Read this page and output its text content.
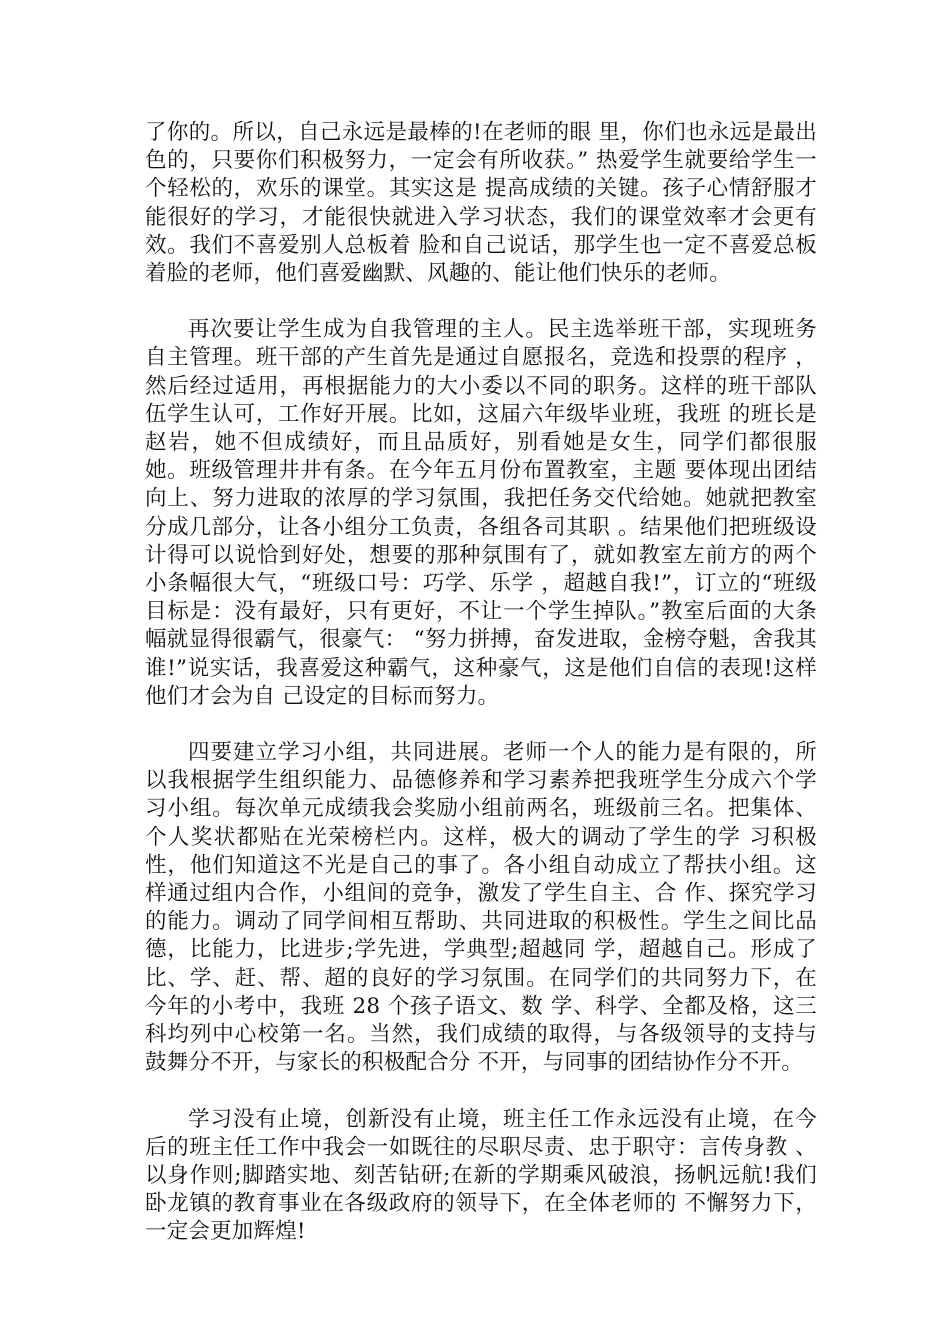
了你的。所以，自己永远是最棒的!在老师的眼 里，你们也永远是最出色的，只要你们积极努力，一定会有所收获。” 热爱学生就要给学生一个轻松的，欢乐的课堂。其实这是 提高成绩的关键。孩子心情舒服才能很好的学习，才能很快就进入学习状态，我们的课堂效率才会更有效。我们不喜爱别人总板着 脸和自己说话，那学生也一定不喜爱总板着脸的老师，他们喜爱幽默、风趣的、能让他们快乐的老师。

再次要让学生成为自我管理的主人。民主选举班干部，实现班务自主管理。班干部的产生首先是通过自愿报名，竞选和投票的程序 ，然后经过适用，再根据能力的大小委以不同的职务。这样的班干部队伍学生认可，工作好开展。比如，这届六年级毕业班，我班 的班长是赵岩，她不但成绩好，而且品质好，别看她是女生，同学们都很服她。班级管理井井有条。在今年五月份布置教室，主题 要体现出团结向上、努力进取的浓厚的学习氛围，我把任务交代给她。她就把教室分成几部分，让各小组分工负责，各组各司其职 。结果他们把班级设计得可以说恰到好处，想要的那种氛围有了，就如教室左前方的两个小条幅很大气，“班级口号：巧学、乐学 ，超越自我!”，订立的“班级目标是：没有最好，只有更好，不让一个学生掉队。”教室后面的大条幅就显得很霸气，很豪气： “努力拼搏，奋发进取，金榜夺魁，舍我其谁!”说实话，我喜爱这种霸气，这种豪气，这是他们自信的表现!这样他们才会为自 己设定的目标而努力。

四要建立学习小组，共同进展。老师一个人的能力是有限的，所以我根据学生组织能力、品德修养和学习素养把我班学生分成六个学习小组。每次单元成绩我会奖励小组前两名，班级前三名。把集体、个人奖状都贴在光荣榜栏内。这样，极大的调动了学生的学 习积极性，他们知道这不光是自己的事了。各小组自动成立了帮扶小组。这样通过组内合作，小组间的竞争，激发了学生自主、合 作、探究学习的能力。调动了同学间相互帮助、共同进取的积极性。学生之间比品德，比能力，比进步;学先进，学典型;超越同 学，超越自己。形成了比、学、赶、帮、超的良好的学习氛围。在同学们的共同努力下，在今年的小考中，我班 28 个孩子语文、数 学、科学、全都及格，这三科均列中心校第一名。当然，我们成绩的取得，与各级领导的支持与鼓舞分不开，与家长的积极配合分 不开，与同事的团结协作分不开。

学习没有止境，创新没有止境，班主任工作永远没有止境，在今后的班主任工作中我会一如既往的尽职尽责、忠于职守：言传身教 、以身作则;脚踏实地、刻苦钻研;在新的学期乘风破浪，扬帆远航!我们卧龙镇的教育事业在各级政府的领导下，在全体老师的 不懈努力下，一定会更加辉煌!
